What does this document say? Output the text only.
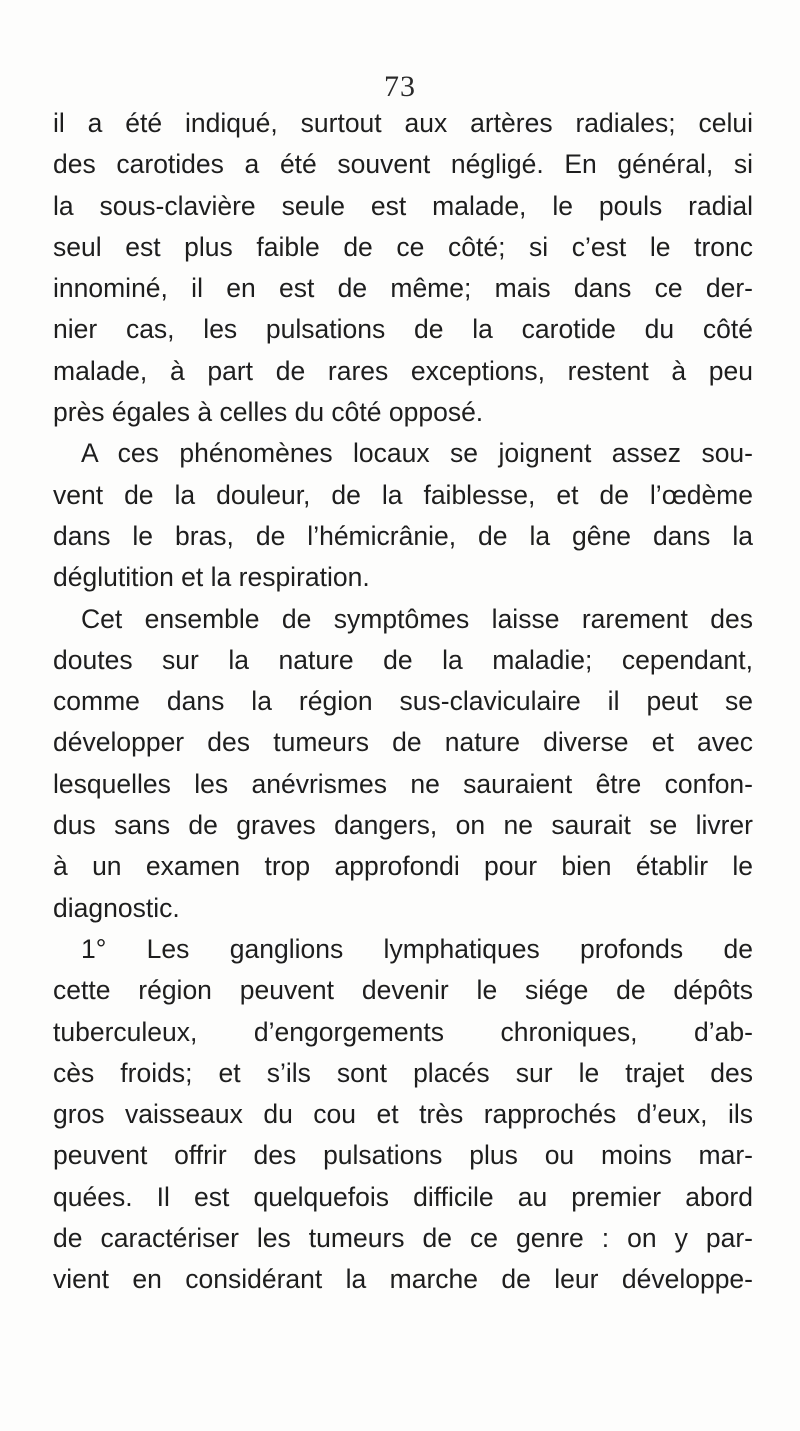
73
il a été indiqué, surtout aux artères radiales; celui
des carotides a été souvent négligé. En général, si
la sous-clavière seule est malade, le pouls radial
seul est plus faible de ce côté; si c’est le tronc
innominé, il en est de même; mais dans ce der-
nier cas, les pulsations de la carotide du côté
malade, à part de rares exceptions, restent à peu
près égales à celles du côté opposé.
A ces phénomènes locaux se joignent assez sou-
vent de la douleur, de la faiblesse, et de l’œdème
dans le bras, de l’hémicrânie, de la gêne dans la
déglutition et la respiration.
Cet ensemble de symptômes laisse rarement des
doutes sur la nature de la maladie; cependant,
comme dans la région sus-claviculaire il peut se
développer des tumeurs de nature diverse et avec
lesquelles les anévrismes ne sauraient être confon-
dus sans de graves dangers, on ne saurait se livrer
à un examen trop approfondi pour bien établir le
diagnostic.
1° Les ganglions lymphatiques profonds de
cette région peuvent devenir le siége de dépôts
tuberculeux, d’engorgements chroniques, d’ab-
cès froids; et s’ils sont placés sur le trajet des
gros vaisseaux du cou et très rapprochés d’eux, ils
peuvent offrir des pulsations plus ou moins mar-
quées. Il est quelquefois difficile au premier abord
de caractériser les tumeurs de ce genre : on y par-
vient en considérant la marche de leur développe-
